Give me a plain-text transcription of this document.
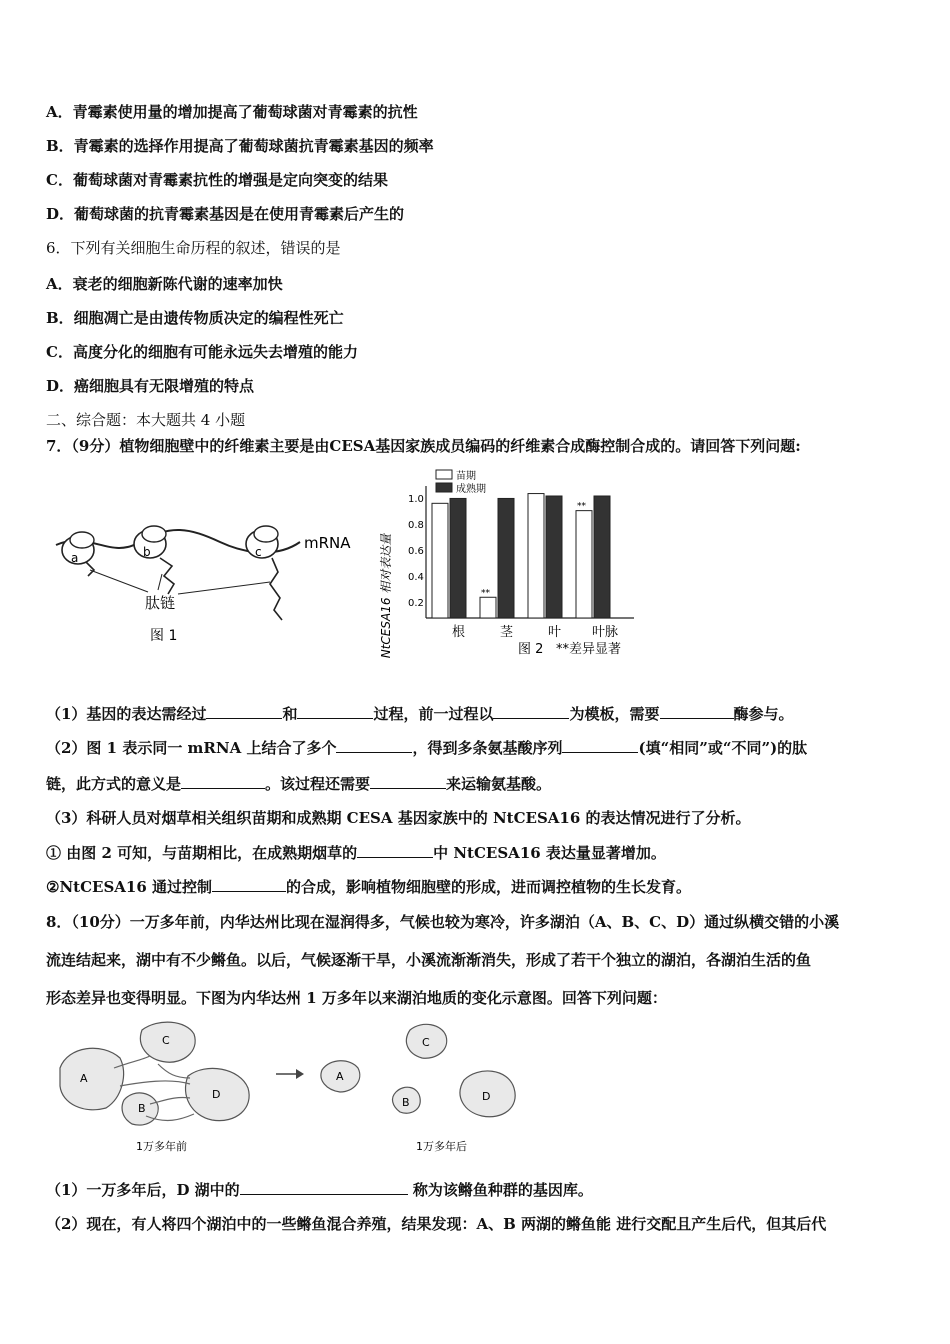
A．青霉素使用量的增加提高了葡萄球菌对青霉素的抗性
B．青霉素的选择作用提高了葡萄球菌抗青霉素基因的频率
C．葡萄球菌对青霉素抗性的增强是定向突变的结果
D．葡萄球菌的抗青霉素基因是在使用青霉素后产生的
6．下列有关细胞生命历程的叙述，错误的是
A．衰老的细胞新陈代谢的速率加快
B．细胞凋亡是由遗传物质决定的编程性死亡
C．高度分化的细胞有可能永远失去增殖的能力
D．癌细胞具有无限增殖的特点
二、综合题：本大题共 4 小题
7．（9分）植物细胞壁中的纤维素主要是由CESA基因家族成员编码的纤维素合成酶控制合成的。请回答下列问题:
a	b	c	mRNA
肽链
图 1	NtCESA16 相对表达量 0.2
0.4
0.6
0.8
1.0
**
**
根	茎	叶 叶脉
苗期
成熟期
图 2 **差异显著
（1）基因的表达需经过	和	过程，前一过程以	为模板，需要	酶参与。
（2）图 1 表示同一 mRNA 上结合了多个	，得到多条氨基酸序列	(填“相同”或“不同”)的肽
链，此方式的意义是	。该过程还需要	来运输氨基酸。
（3）科研人员对烟草相关组织苗期和成熟期 CESA 基因家族中的 NtCESA16 的表达情况进行了分析。
① 由图 2 可知，与苗期相比，在成熟期烟草的	中 NtCESA16 表达量显著增加。
②NtCESA16 通过控制	的合成，影响植物细胞壁的形成，进而调控植物的生长发育。
8．（10分）一万多年前，内华达州比现在湿润得多，气候也较为寒冷，许多湖泊（A、B、C、D）通过纵横交错的小溪
流连结起来，湖中有不少鳉鱼。以后，气候逐渐干旱，小溪流渐渐消失，形成了若干个独立的湖泊，各湖泊生活的鱼
形态差异也变得明显。下图为内华达州 1 万多年以来湖泊地质的变化示意图。回答下列问题：
A
B
C
D
1万多年前
A
B
C
D
1万多年后
（1）一万多年后，D 湖中的	称为该鳉鱼种群的基因库。
（2）现在，有人将四个湖泊中的一些鳉鱼混合养殖，结果发现：A、B 两湖的鳉鱼能 进行交配且产生后代，但其后代
